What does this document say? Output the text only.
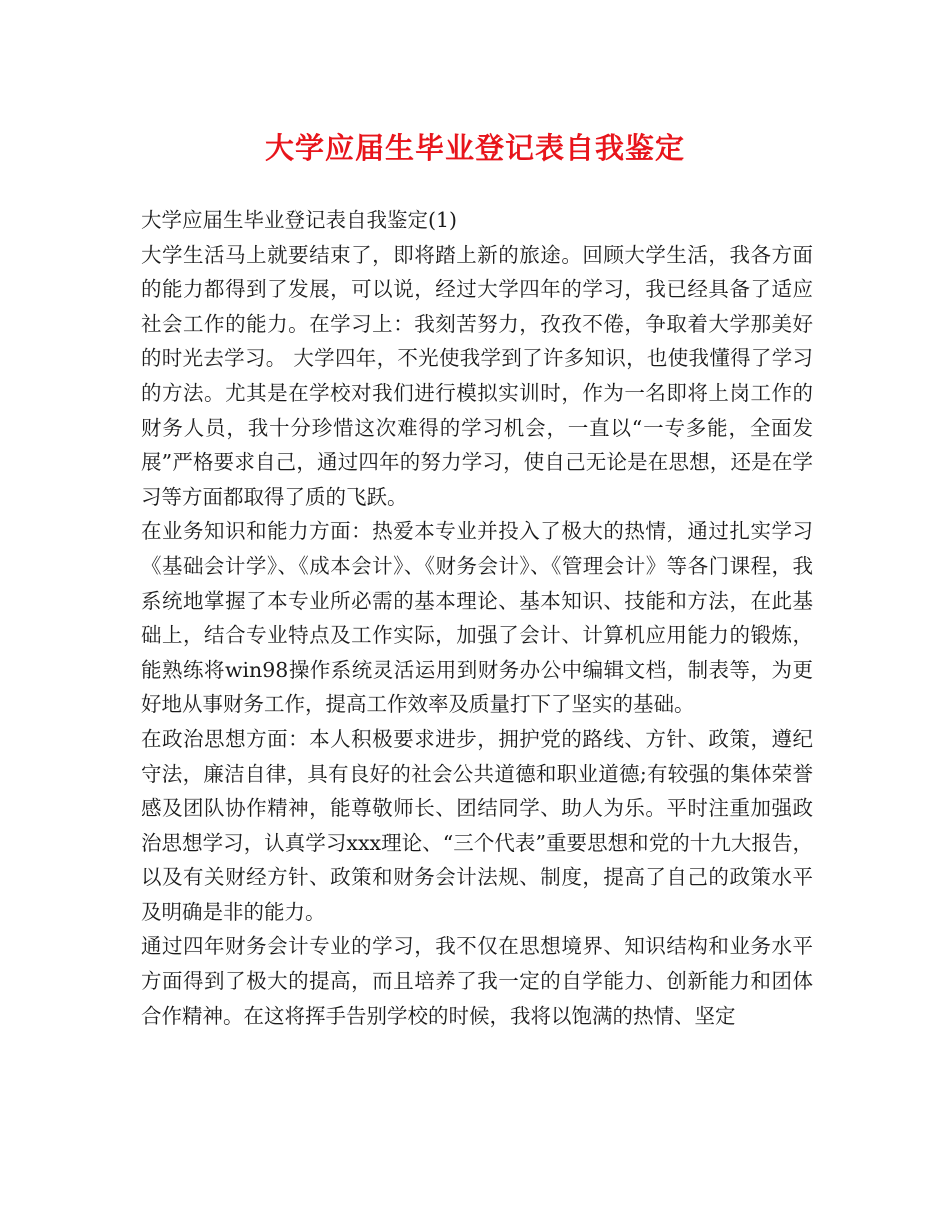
大学应届生毕业登记表自我鉴定

大学应届生毕业登记表自我鉴定(1)

大学生活马上就要结束了，即将踏上新的旅途。回顾大学生活，我各方面的能力都得到了发展，可以说，经过大学四年的学习，我已经具备了适应社会工作的能力。在学习上：我刻苦努力，孜孜不倦，争取着大学那美好的时光去学习。 大学四年，不光使我学到了许多知识，也使我懂得了学习的方法。尤其是在学校对我们进行模拟实训时，作为一名即将上岗工作的财务人员，我十分珍惜这次难得的学习机会，一直以“一专多能，全面发展”严格要求自己，通过四年的努力学习，使自己无论是在思想，还是在学习等方面都取得了质的飞跃。

在业务知识和能力方面：热爱本专业并投入了极大的热情，通过扎实学习《基础会计学》、《成本会计》、《财务会计》、《管理会计》等各门课程，我系统地掌握了本专业所必需的基本理论、基本知识、技能和方法，在此基础上，结合专业特点及工作实际，加强了会计、计算机应用能力的锻炼，能熟练将win98操作系统灵活运用到财务办公中编辑文档，制表等，为更好地从事财务工作，提高工作效率及质量打下了坚实的基础。

在政治思想方面：本人积极要求进步，拥护党的路线、方针、政策，遵纪守法，廉洁自律，具有良好的社会公共道德和职业道德;有较强的集体荣誉感及团队协作精神，能尊敬师长、团结同学、助人为乐。平时注重加强政治思想学习，认真学习xxx理论、“三个代表”重要思想和党的十九大报告，以及有关财经方针、政策和财务会计法规、制度，提高了自己的政策水平及明确是非的能力。

通过四年财务会计专业的学习，我不仅在思想境界、知识结构和业务水平方面得到了极大的提高，而且培养了我一定的自学能力、创新能力和团体合作精神。在这将挥手告别学校的时候，我将以饱满的热情、坚定
